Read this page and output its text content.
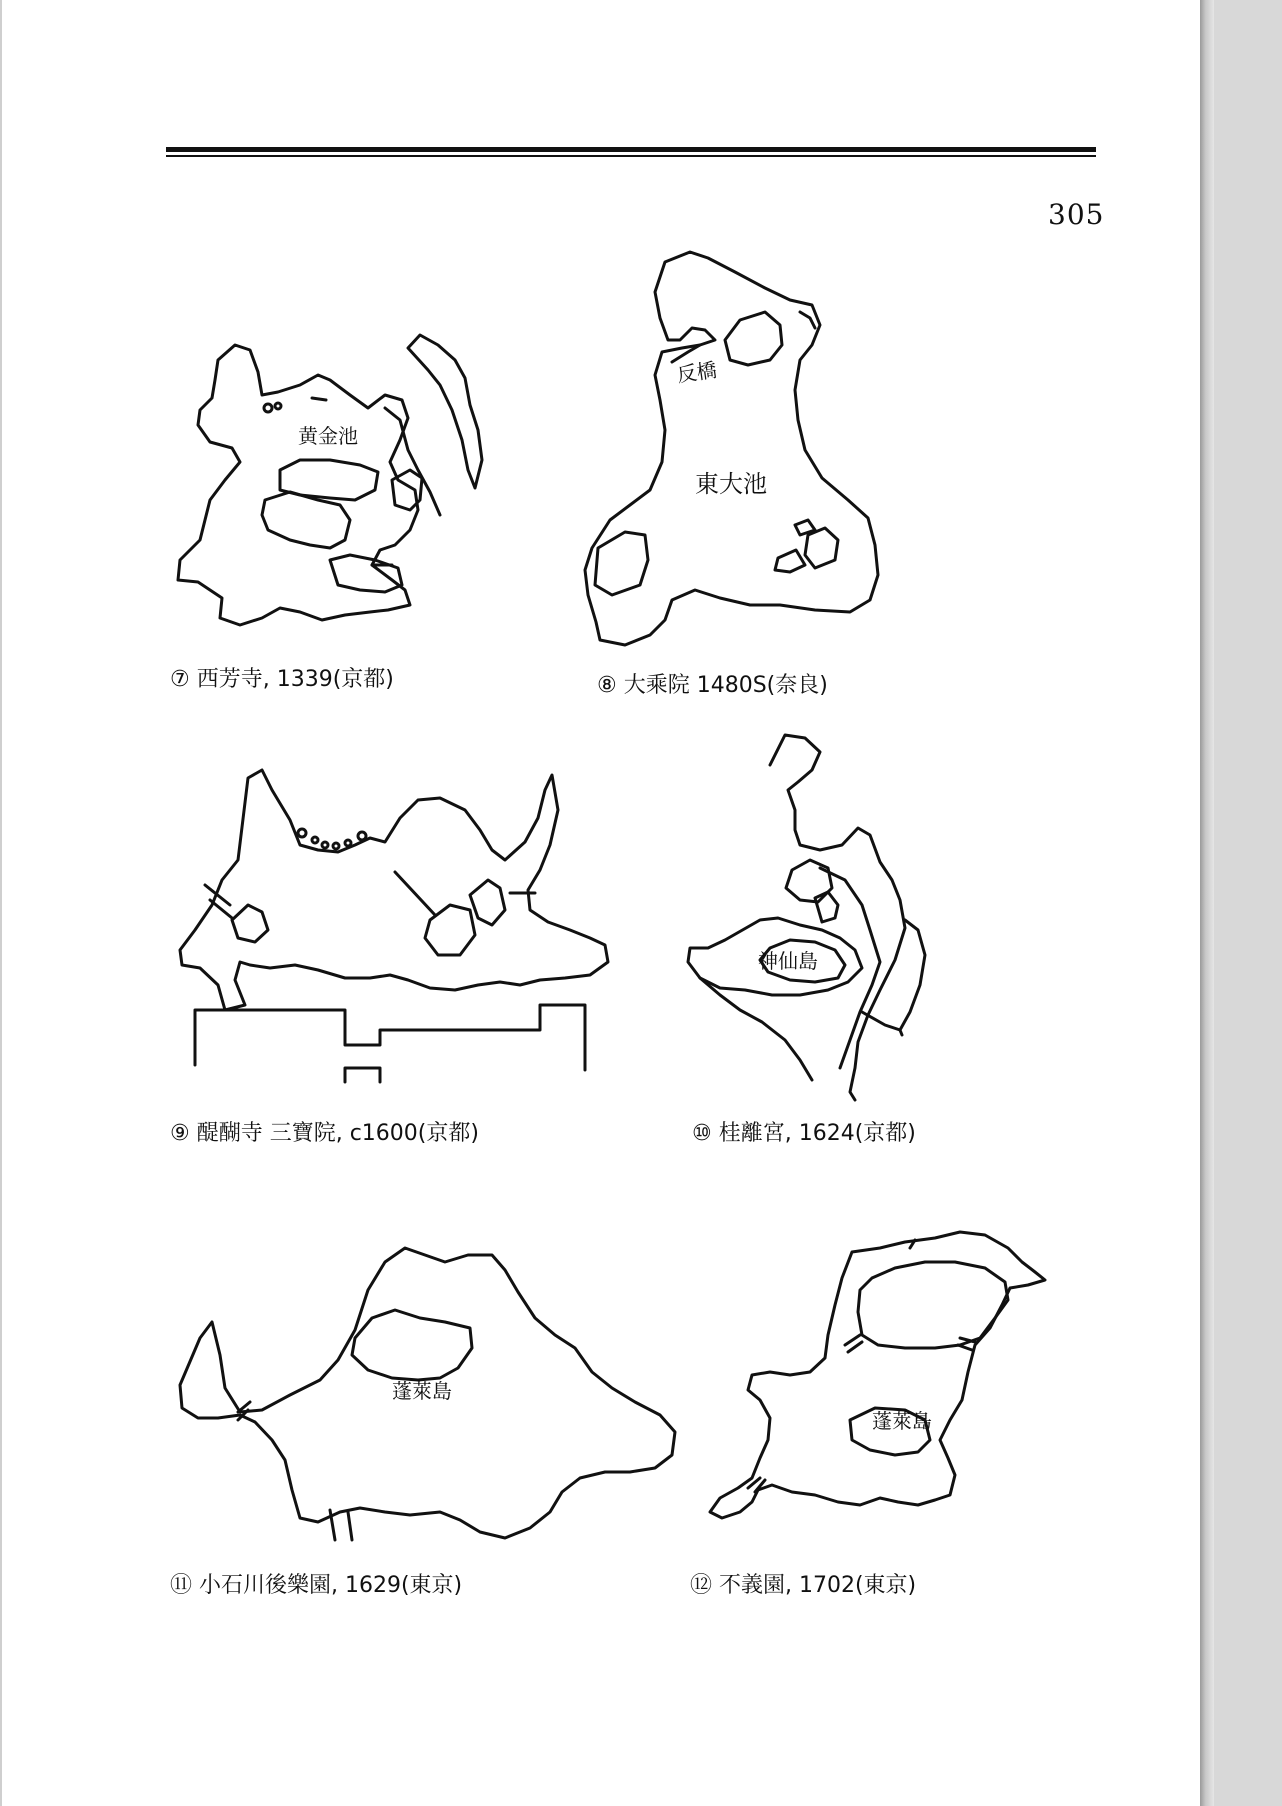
305
黄金池
反橋
東大池
神仙島
蓬萊島
蓬萊島
⑦ 西芳寺, 1339(京都)	⑧ 大乘院 1480S(奈良)
⑨ 醍醐寺 三寶院, c1600(京都)	⑩ 桂離宮, 1624(京都)
⑪ 小石川後樂園, 1629(東京)	⑫ 不義園, 1702(東京)
